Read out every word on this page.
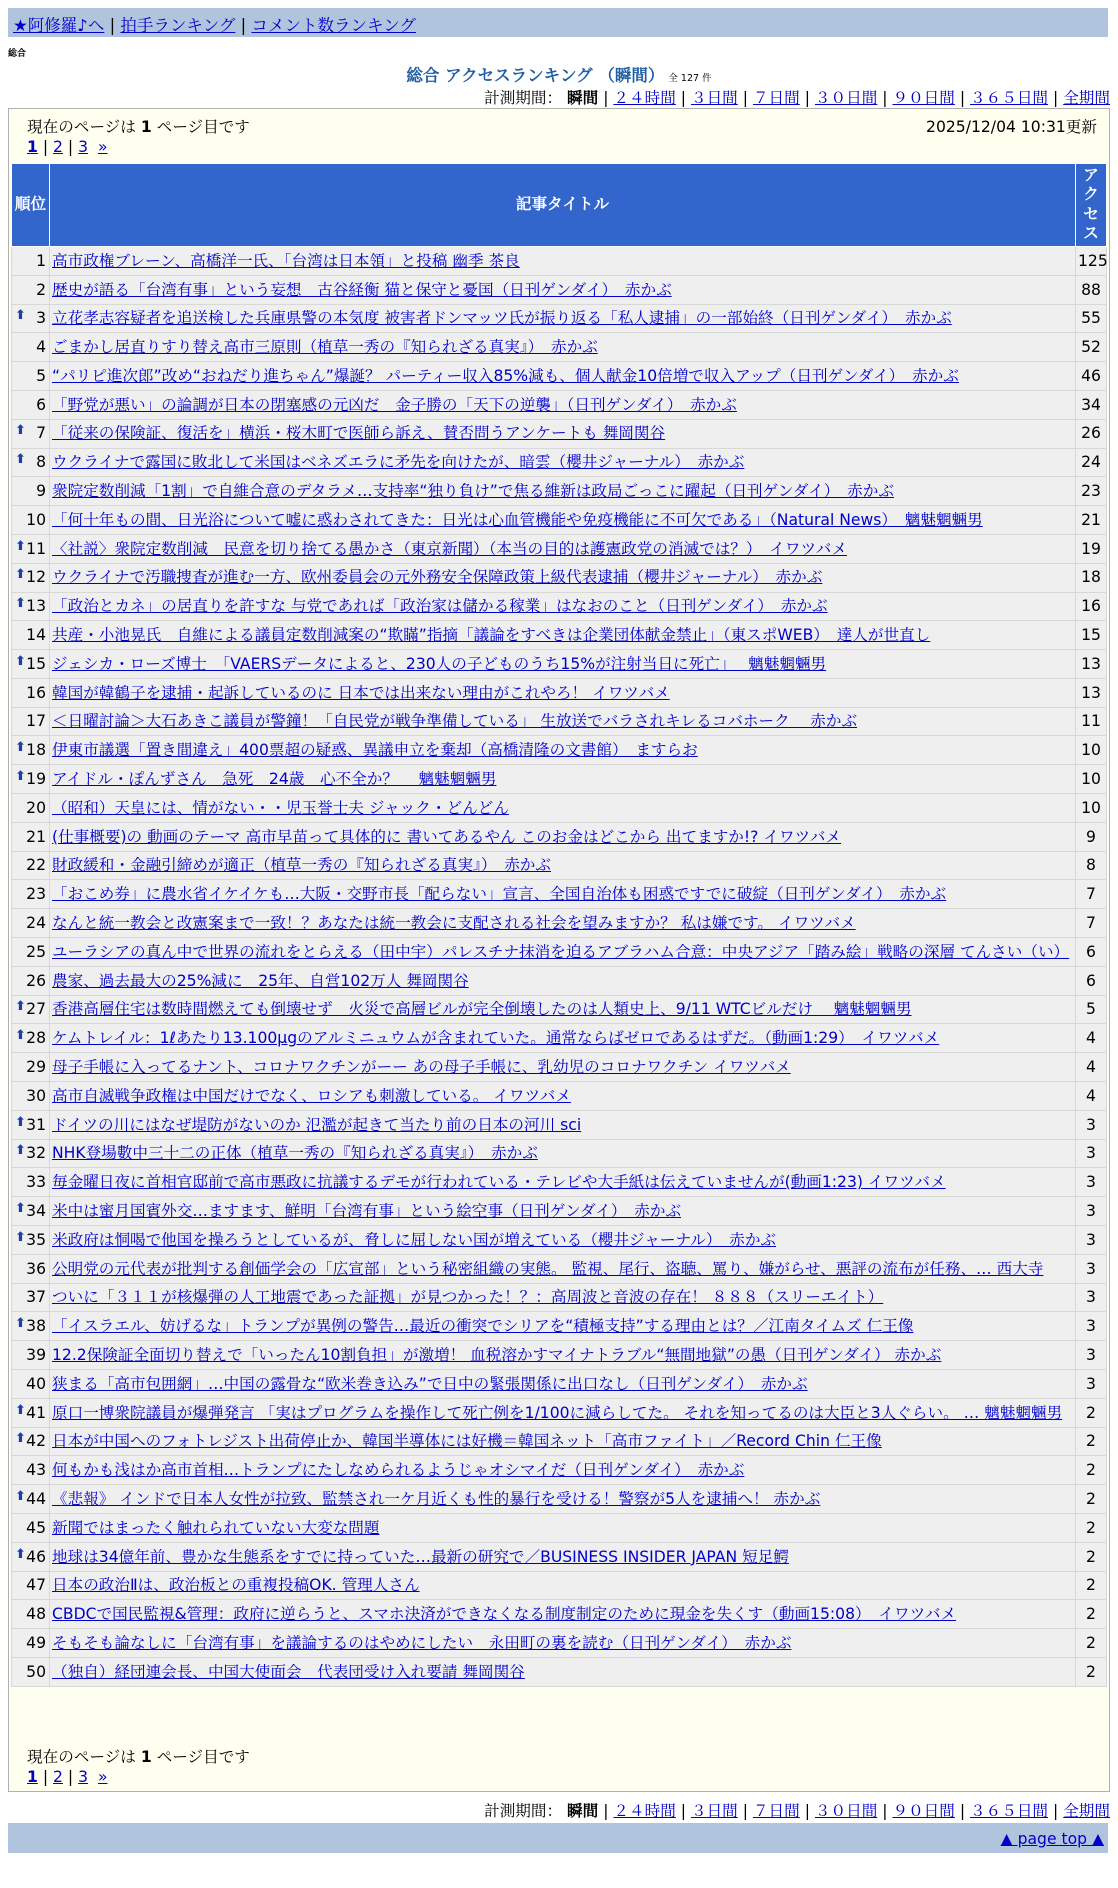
★阿修羅♪へ | 拍手ランキング | コメント数ランキング
総合
総合 アクセスランキング （瞬間） 全 127 件
計測期間： 瞬間 | ２４時間 | ３日間 | ７日間 | ３０日間 | ９０日間 | ３６５日間 | 全期間
現在のページは 1 ページ目です	2025/12/04 10:31更新
1 | 2 | 3 »
順位	記事タイトル	アクセス
1	高市政権ブレーン、高橋洋一氏、「台湾は日本領」と投稿 幽季 茶良	125
2	歴史が語る「台湾有事」という妄想　古谷経衡 猫と保守と憂国（日刊ゲンダイ）　赤かぶ	88

⬆ 3	立花孝志容疑者を追送検した兵庫県警の本気度 被害者ドンマッツ氏が振り返る「私人逮捕」の一部始終（日刊ゲンダイ）　赤かぶ	55
4	ごまかし居直りすり替え高市三原則（植草一秀の『知られざる真実』）　赤かぶ	52
5	“パリピ進次郎”改め“おねだり進ちゃん”爆誕？ パーティー収入85%減も、個人献金10倍増で収入アップ（日刊ゲンダイ）　赤かぶ	46
6	「野党が悪い」の論調が日本の閉塞感の元凶だ　金子勝の「天下の逆襲」（日刊ゲンダイ）　赤かぶ	34

⬆ 7	「従来の保険証、復活を」横浜・桜木町で医師ら訴え、賛否問うアンケートも 舞岡関谷	26

⬆ 8	ウクライナで露国に敗北して米国はベネズエラに矛先を向けたが、暗雲（櫻井ジャーナル）　赤かぶ	24
9	衆院定数削減「1割」で自維合意のデタラメ…支持率“独り負け”で焦る維新は政局ごっこに躍起（日刊ゲンダイ）　赤かぶ	23
10	「何十年もの間、日光浴について嘘に惑わされてきた：日光は心血管機能や免疫機能に不可欠である」（Natural News）　魑魅魍魎男	21

⬆ 11	〈社説〉衆院定数削減　民意を切り捨てる愚かさ（東京新聞）（本当の目的は護憲政党の消滅では？）　イワツバメ	19

⬆ 12	ウクライナで汚職捜査が進む一方、欧州委員会の元外務安全保障政策上級代表逮捕（櫻井ジャーナル）　赤かぶ	18

⬆ 13	「政治とカネ」の居直りを許すな 与党であれば「政治家は儲かる稼業」はなおのこと（日刊ゲンダイ）　赤かぶ	16
14	共産・小池晃氏　自維による議員定数削減案の“欺瞞”指摘「議論をすべきは企業団体献金禁止」（東スポWEB）　達人が世直し	15

⬆ 15	ジェシカ・ローズ博士　「VAERSデータによると、230人の子どものうち15%が注射当日に死亡」　 魑魅魍魎男	13
16	韓国が韓鶴子を逮捕・起訴しているのに 日本では出来ない理由がこれやろ！ イワツバメ	13
17	＜日曜討論＞大石あきこ議員が警鐘！「自民党が戦争準備している」 生放送でバラされキレるコバホーク　 赤かぶ	11

⬆ 18	伊東市議選「置き間違え」400票超の疑惑、異議申立を棄却（高橋清隆の文書館）　ますらお	10

⬆ 19	アイドル・ぽんずさん　急死　24歳　心不全か？　 魑魅魍魎男	10
20	（昭和）天皇には、情がない・・児玉誉士夫 ジャック・どんどん	10
21	(仕事概要)の 動画のテーマ 高市早苗って具体的に 書いてあるやん このお金はどこから 出てますか!? イワツバメ	9
22	財政緩和・金融引締めが適正（植草一秀の『知られざる真実』）　赤かぶ	8
23	「おこめ券」に農水省イケイケも…大阪・交野市長「配らない」宣言、全国自治体も困惑ですでに破綻（日刊ゲンダイ）　赤かぶ	7
24	なんと統一教会と改憲案まで一致！？あなたは統一教会に支配される社会を望みますか？ 私は嫌です。 イワツバメ	7
25	ユーラシアの真ん中で世界の流れをとらえる（田中宇）パレスチナ抹消を迫るアブラハム合意：中央アジア「踏み絵」戦略の深層 てんさい（い）	6
26	農家、過去最大の25%減に　25年、自営102万人 舞岡関谷	6

⬆ 27	香港高層住宅は数時間燃えても倒壊せず　火災で高層ビルが完全倒壊したのは人類史上、9/11 WTCビルだけ　 魑魅魍魎男	5

⬆ 28	ケムトレイル：1ℓあたり13.100μgのアルミニュウムが含まれていた。通常ならばゼロであるはずだ。（動画1:29）　イワツバメ	4
29	母子手帳に入ってるナント、コロナワクチンがーー あの母子手帳に、乳幼児のコロナワクチン イワツバメ	4
30	高市自滅戦争政権は中国だけでなく、ロシアも刺激している。 イワツバメ	4

⬆ 31	ドイツの川にはなぜ堤防がないのか 氾濫が起きて当たり前の日本の河川 sci	3

⬆ 32	NHK登場數中三十二の正体（植草一秀の『知られざる真実』）　赤かぶ	3
33	毎金曜日夜に首相官邸前で高市悪政に抗議するデモが行われている・テレビや大手紙は伝えていませんが(動画1:23) イワツバメ	3

⬆ 34	米中は蜜月国賓外交…ますます、鮮明「台湾有事」という絵空事（日刊ゲンダイ）　赤かぶ	3

⬆ 35	米政府は恫喝で他国を操ろうとしているが、脅しに屈しない国が増えている（櫻井ジャーナル）　赤かぶ	3
36	公明党の元代表が批判する創価学会の「広宣部」という秘密組織の実態。 監視、尾行、盗聴、罵り、嫌がらせ、悪評の流布が任務、… 西大寺	3
37	ついに「３１１が核爆弾の人工地震であった証拠」が見つかった！？：高周波と音波の存在！ ８８８（スリーエイト）	3

⬆ 38	「イスラエル、妨げるな」トランプが異例の警告…最近の衝突でシリアを“積極支持”する理由とは？／江南タイムズ 仁王像	3
39	12.2保険証全面切り替えで「いったん10割負担」が激増！ 血税溶かすマイナトラブル“無間地獄”の愚（日刊ゲンダイ） 赤かぶ	3
40	狭まる「高市包囲網」…中国の露骨な“欧米巻き込み”で日中の緊張関係に出口なし（日刊ゲンダイ）　赤かぶ	3

⬆ 41	原口一博衆院議員が爆弾発言 「実はプログラムを操作して死亡例を1/100に減らしてた。 それを知ってるのは大臣と3人ぐらい。 … 魑魅魍魎男	2

⬆ 42	日本が中国へのフォトレジスト出荷停止か、韓国半導体には好機＝韓国ネット「高市ファイト」／Record Chin 仁王像	2
43	何もかも浅はか高市首相…トランプにたしなめられるようじゃオシマイだ（日刊ゲンダイ）　赤かぶ	2

⬆ 44	《悲報》 インドで日本人女性が拉致、監禁され一ケ月近くも性的暴行を受ける！警察が5人を逮捕へ！ 赤かぶ	2
45	新聞ではまったく触れられていない大変な問題	2

⬆ 46	地球は34億年前、豊かな生態系をすでに持っていた…最新の研究で／BUSINESS INSIDER JAPAN 短足鰐	2
47	日本の政治Ⅱは、政治板との重複投稿OK. 管理人さん	2
48	CBDCで国民監視&管理：政府に逆らうと、スマホ決済ができなくなる制度制定のために現金を失くす（動画15:08）　イワツバメ	2
49	そもそも論なしに「台湾有事」を議論するのはやめにしたい　永田町の裏を読む（日刊ゲンダイ）　赤かぶ	2
50	（独自）経団連会長、中国大使面会　代表団受け入れ要請 舞岡関谷	2
現在のページは 1 ページ目です
1 | 2 | 3 »
計測期間： 瞬間 | ２４時間 | ３日間 | ７日間 | ３０日間 | ９０日間 | ３６５日間 | 全期間
▲ page top ▲
